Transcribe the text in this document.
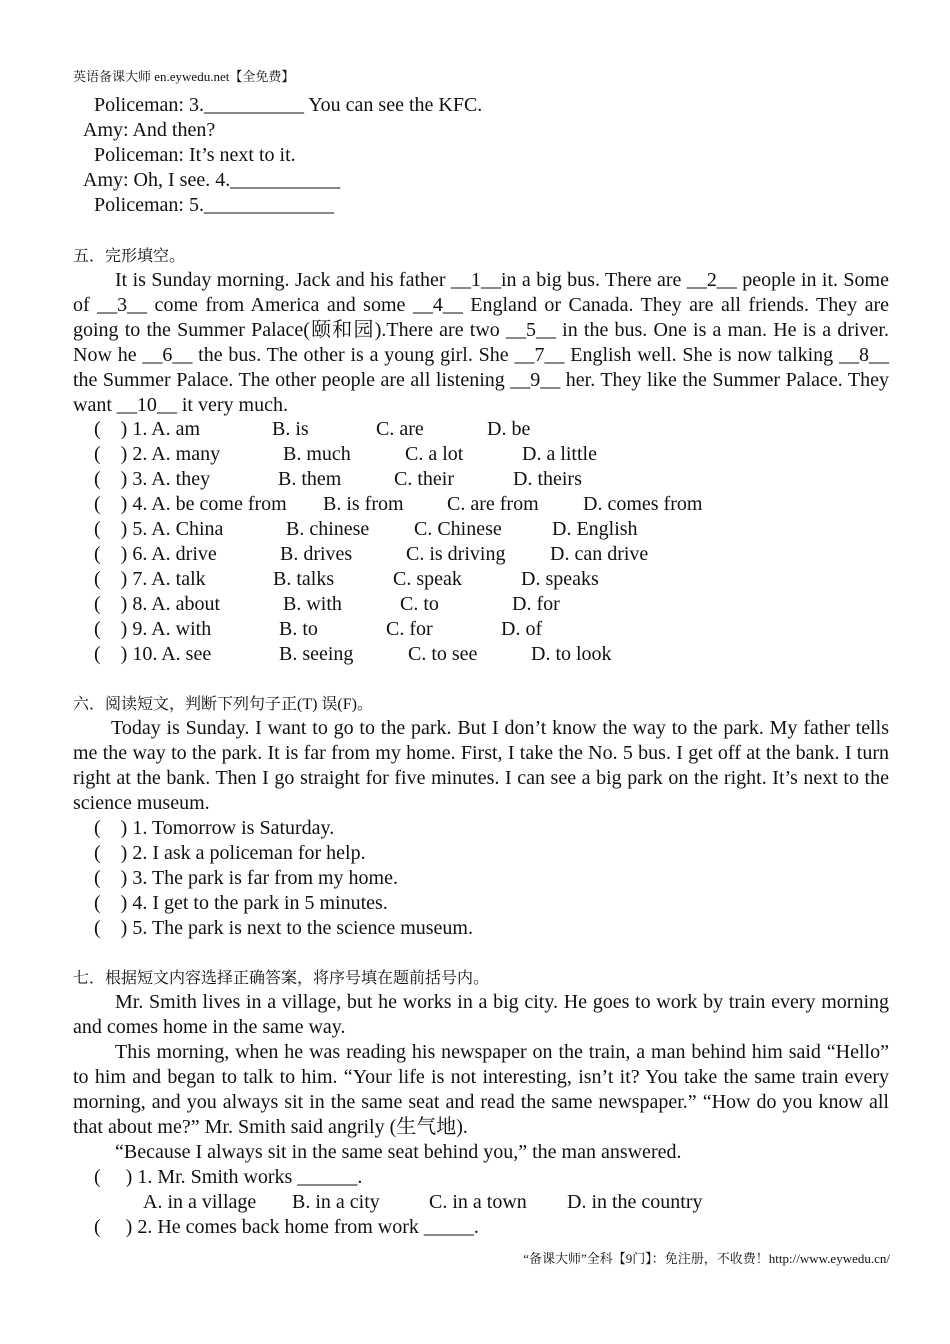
英语备课大师 en.eywedu.net【全免费】
Policeman: 3.__________ You can see the KFC.
Amy: And then?
Policeman: It’s next to it.
Amy: Oh, I see. 4.___________
Policeman: 5._____________
五．完形填空。
It is Sunday morning. Jack and his father __1__in a big bus. There are __2__ people in it. Some of __3__ come from America and some __4__ England or Canada. They are all friends. They are going to the Summer Palace(颐和园).There are two __5__ in the bus. One is a man. He is a driver. Now he __6__ the bus. The other is a young girl. She __7__ English well. She is now talking __8__ the Summer Palace. The other people are all listening __9__ her. They like the Summer Palace. They want __10__ it very much.
(    ) 1. A. am	B. is	C. are	D. be
(    ) 2. A. many	B. much	C. a lot	D. a little
(    ) 3. A. they	B. them	C. their	D. theirs
(    ) 4. A. be come from B. is from C. are from D. comes from
(    ) 5. A. China	B. chinese C. Chinese	D. English
(    ) 6. A. drive	B. drives	C. is driving D. can drive
(    ) 7. A. talk	B. talks	C. speak	D. speaks
(    ) 8. A. about	B. with	C. to	D. for
(    ) 9. A. with	B. to	C. for	D. of
(    ) 10. A. see	B. seeing	C. to see	D. to look
六．阅读短文，判断下列句子正(T) 误(F)。
Today is Sunday. I want to go to the park. But I don’t know the way to the park. My father tells me the way to the park. It is far from my home. First, I take the No. 5 bus. I get off at the bank. I turn right at the bank. Then I go straight for five minutes. I can see a big park on the right. It’s next to the science museum.
(    ) 1. Tomorrow is Saturday.
(    ) 2. I ask a policeman for help.
(    ) 3. The park is far from my home.
(    ) 4. I get to the park in 5 minutes.
(    ) 5. The park is next to the science museum.
七．根据短文内容选择正确答案，将序号填在题前括号内。
Mr. Smith lives in a village, but he works in a big city. He goes to work by train every morning and comes home in the same way.
This morning, when he was reading his newspaper on the train, a man behind him said “Hello” to him and began to talk to him. “Your life is not interesting, isn’t it? You take the same train every morning, and you always sit in the same seat and read the same newspaper.” “How do you know all that about me?” Mr. Smith said angrily (生气地).
“Because I always sit in the same seat behind you,” the man answered.
(     ) 1. Mr. Smith works ______.
A. in a village B. in a city C. in a town D. in the country
(     ) 2. He comes back home from work _____.
“备课大师”全科【9门】：免注册，不收费！http://www.eywedu.cn/
